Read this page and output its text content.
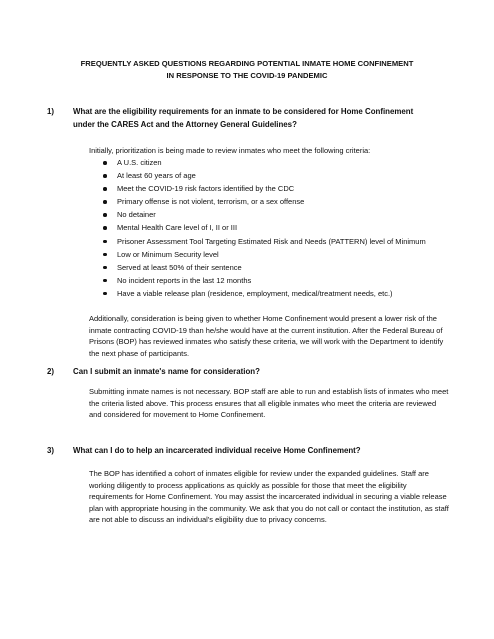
FREQUENTLY ASKED QUESTIONS REGARDING POTENTIAL INMATE HOME CONFINEMENT
IN RESPONSE TO THE COVID-19 PANDEMIC
1) What are the eligibility requirements for an inmate to be considered for Home Confinement under the CARES Act and the Attorney General Guidelines?
Initially, prioritization is being made to review inmates who meet the following criteria:
A U.S. citizen
At least 60 years of age
Meet the COVID-19 risk factors identified by the CDC
Primary offense is not violent, terrorism, or a sex offense
No detainer
Mental Health Care level of I, II or III
Prisoner Assessment Tool Targeting Estimated Risk and Needs (PATTERN) level of Minimum
Low or Minimum Security level
Served at least 50% of their sentence
No incident reports in the last 12 months
Have a viable release plan (residence, employment, medical/treatment needs, etc.)
Additionally, consideration is being given to whether Home Confinement would present a lower risk of the inmate contracting COVID-19 than he/she would have at the current institution. After the Federal Bureau of Prisons (BOP) has reviewed inmates who satisfy these criteria, we will work with the Department to identify the next phase of participants.
2) Can I submit an inmate's name for consideration?
Submitting inmate names is not necessary. BOP staff are able to run and establish lists of inmates who meet the criteria listed above. This process ensures that all eligible inmates who meet the criteria are reviewed and considered for movement to Home Confinement.
3) What can I do to help an incarcerated individual receive Home Confinement?
The BOP has identified a cohort of inmates eligible for review under the expanded guidelines. Staff are working diligently to process applications as quickly as possible for those that meet the eligibility requirements for Home Confinement. You may assist the incarcerated individual in securing a viable release plan with appropriate housing in the community. We ask that you do not call or contact the institution, as staff are not able to discuss an individual's eligibility due to privacy concerns.
